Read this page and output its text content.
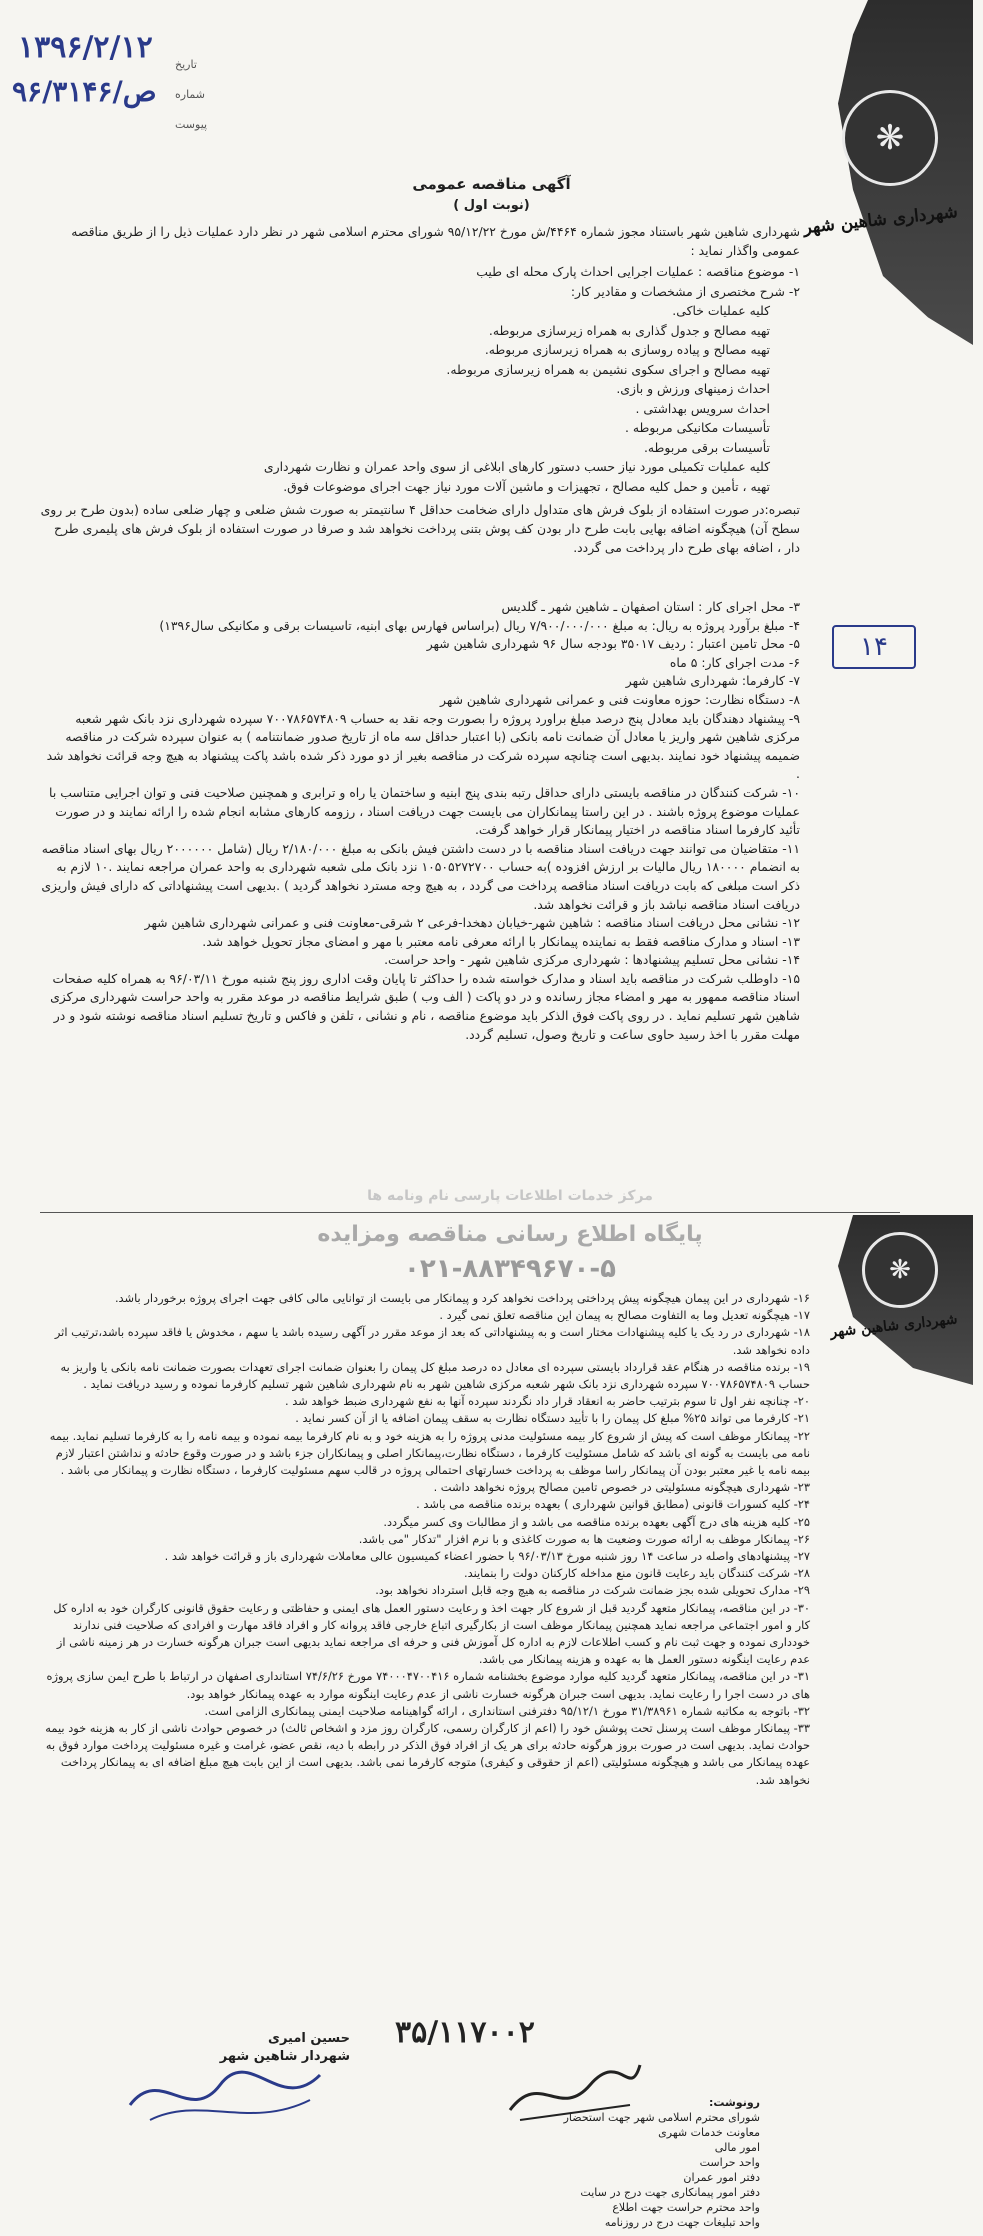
۱۳۹۶/۲/۱۲
ص/۹۶/۳۱۴۶
تاریخ
شماره
پیوست	❋
شهرداری شاهین شهر
آگهی مناقصه عمومی
( نوبت اول)

شهرداری شاهین شهر باستناد مجوز شماره ۴۴۶۴/ش مورخ ۹۵/۱۲/۲۲ شورای محترم اسلامی شهر در نظر دارد عملیات ذیل را از طریق مناقصه عمومی واگذار نماید :

۱- موضوع مناقصه : عملیات اجرایی احداث پارک محله ای طیب

۲- شرح مختصری از مشخصات و مقادیر کار:

کلیه عملیات خاکی.

تهیه مصالح و جدول گذاری به همراه زیرسازی مربوطه.

تهیه مصالح و پیاده روسازی به همراه زیرسازی مربوطه.

تهیه مصالح و اجرای سکوی نشیمن به همراه زیرسازی مربوطه.

احداث زمینهای ورزش و بازی.

احداث سرویس بهداشتی .

تأسیسات مکانیکی مربوطه .

تأسیسات برقی مربوطه.

کلیه عملیات تکمیلی مورد نیاز حسب دستور کارهای ابلاغی از سوی واحد عمران و نظارت شهرداری

تهیه ، تأمین و حمل کلیه مصالح ، تجهیزات و ماشین آلات مورد نیاز جهت اجرای موضوعات فوق.

تبصره:در صورت استفاده از بلوک فرش های متداول دارای ضخامت حداقل ۴ سانتیمتر به صورت شش ضلعی و چهار ضلعی ساده (بدون طرح بر روی سطح آن) هیچگونه اضافه بهایی بابت طرح دار بودن کف پوش بتنی پرداخت نخواهد شد و صرفا در صورت استفاده از بلوک فرش های پلیمری طرح دار ، اضافه بهای طرح دار پرداخت می گردد.

۱۴

۳- محل اجرای کار : استان اصفهان ـ شاهین شهر ـ گلدیس

۴- مبلغ برآورد پروژه به ریال: به مبلغ ۷/۹۰۰/۰۰۰/۰۰۰ ریال (براساس فهارس بهای ابنیه، تاسیسات برقی و مکانیکی سال۱۳۹۶)

۵- محل تامین اعتبار : ردیف ۳۵۰۱۷ بودجه سال ۹۶ شهرداری شاهین شهر

۶- مدت اجرای کار: ۵ ماه

۷- کارفرما: شهرداری شاهین شهر

۸- دستگاه نظارت: حوزه معاونت فنی و عمرانی شهرداری شاهین شهر

۹- پیشنهاد دهندگان باید معادل پنج درصد مبلغ براورد پروژه را بصورت وجه نقد به حساب ۷۰۰۷۸۶۵۷۴۸۰۹ سپرده شهرداری نزد بانک شهر شعبه مرکزی شاهین شهر واریز یا معادل آن ضمانت نامه بانکی (با اعتبار حداقل سه ماه از تاریخ صدور ضمانتنامه ) به عنوان سپرده شرکت در مناقصه ضمیمه پیشنهاد خود نمایند .بدیهی است چنانچه سپرده شرکت در مناقصه بغیر از دو مورد ذکر شده باشد پاکت پیشنهاد به هیچ وجه قرائت نخواهد شد .

۱۰- شرکت کنندگان در مناقصه بایستی دارای حداقل رتبه بندی پنج ابنیه و ساختمان یا راه و ترابری و همچنین صلاحیت فنی و توان اجرایی متناسب با عملیات موضوع پروژه باشند . در این راستا پیمانکاران می بایست جهت دریافت اسناد ، رزومه کارهای مشابه انجام شده را ارائه نمایند و در صورت تأئید کارفرما اسناد مناقصه در اختیار پیمانکار قرار خواهد گرفت.

۱۱- متقاضیان می توانند جهت دریافت اسناد مناقصه با در دست داشتن فیش بانکی به مبلغ ۲/۱۸۰/۰۰۰ ریال (شامل ۲۰۰۰۰۰۰ ریال بهای اسناد مناقصه به انضمام ۱۸۰۰۰۰ ریال مالیات بر ارزش افزوده )به حساب ۱۰۵۰۵۲۷۲۷۰۰ نزد بانک ملی شعبه شهرداری به واحد عمران مراجعه نمایند .۱۰ لازم به ذکر است مبلغی که بابت دریافت اسناد مناقصه پرداخت می گردد ، به هیچ وجه مسترد نخواهد گردید ) .بدیهی است پیشنهاداتی که دارای فیش واریزی دریافت اسناد مناقصه نباشد باز و قرائت نخواهد شد.

۱۲- نشانی محل دریافت اسناد مناقصه : شاهین شهر-خیابان دهخدا-فرعی ۲ شرقی-معاونت فنی و عمرانی شهرداری شاهین شهر

۱۳- اسناد و مدارک مناقصه فقط به نماینده پیمانکار با ارائه معرفی نامه معتبر با مهر و امضای مجاز تحویل خواهد شد.

۱۴- نشانی محل تسلیم پیشنهادها : شهرداری مرکزی شاهین شهر - واحد حراست.

۱۵- داوطلب شرکت در مناقصه باید اسناد و مدارک خواسته شده را حداکثر تا پایان وقت اداری روز پنج شنبه مورخ ۹۶/۰۳/۱۱ به همراه کلیه صفحات اسناد مناقصه ممهور به مهر و امضاء مجاز رسانده و در دو پاکت ( الف وب ) طبق شرایط مناقصه در موعد مقرر به واحد حراست شهرداری مرکزی شاهین شهر تسلیم نماید . در روی پاکت فوق الذکر باید موضوع مناقصه ، نام و نشانی ، تلفن و فاکس و تاریخ تسلیم اسناد مناقصه نوشته شود و در مهلت مقرر با اخذ رسید حاوی ساعت و تاریخ وصول، تسلیم گردد.

مرکز خدمات اطلاعات پارسی نام ونامه ها
پایگاه اطلاع رسانی مناقصه ومزایده
۰۲۱-۸۸۳۴۹۶۷۰-۵	❋
شهرداری شاهین شهر

۱۶- شهرداری در این پیمان هیچگونه پیش پرداختی پرداخت نخواهد کرد و پیمانکار می بایست از توانایی مالی کافی جهت اجرای پروژه برخوردار باشد.

۱۷- هیچگونه تعدیل وما به التفاوت مصالح به پیمان این مناقصه تعلق نمی گیرد .

۱۸- شهرداری در رد یک یا کلیه پیشنهادات مختار است و به پیشنهاداتی که بعد از موعد مقرر در آگهی رسیده باشد یا سهم ، مخدوش یا فاقد سپرده باشد،ترتیب اثر داده نخواهد شد.

۱۹- برنده مناقصه در هنگام عقد قرارداد بایستی سپرده ای معادل ده درصد مبلغ کل پیمان را بعنوان ضمانت اجرای تعهدات بصورت ضمانت نامه بانکی یا واریز به حساب ۷۰۰۷۸۶۵۷۴۸۰۹ سپرده شهرداری نزد بانک شهر شعبه مرکزی شاهین شهر به نام شهرداری شاهین شهر تسلیم کارفرما نموده و رسید دریافت نماید .

۲۰- چنانچه نفر اول تا سوم بترتیب حاضر به انعقاد قرار داد نگردند سپرده آنها به نفع شهرداری ضبط خواهد شد .

۲۱- کارفرما می تواند ۲۵% مبلغ کل پیمان را با تأیید دستگاه نظارت به سقف پیمان اضافه یا از آن کسر نماید .

۲۲- پیمانکار موظف است که پیش از شروع کار بیمه مسئولیت مدنی پروژه را به هزینه خود و به نام کارفرما بیمه نموده و بیمه نامه را به کارفرما تسلیم نماید. بیمه نامه می بایست به گونه ای باشد که شامل مسئولیت کارفرما ، دستگاه نظارت،پیمانکار اصلی و پیمانکاران جزء باشد و در صورت وقوع حادثه و نداشتن اعتبار لازم بیمه نامه یا غیر معتبر بودن آن پیمانکار راسا موظف به پرداخت خسارتهای احتمالی پروژه در قالب سهم مسئولیت کارفرما ، دستگاه نظارت و پیمانکار می باشد .

۲۳- شهرداری هیچگونه مسئولیتی در خصوص تامین مصالح پروژه نخواهد داشت .

۲۴- کلیه کسورات قانونی (مطابق قوانین شهرداری ) بعهده برنده مناقصه می باشد .

۲۵- کلیه هزینه های درج آگهی بعهده برنده مناقصه می باشد و از مطالبات وی کسر میگردد.

۲۶- پیمانکار موظف به ارائه صورت وضعیت ها به صورت کاغذی و با نرم افزار "تدکار "می باشد.

۲۷- پیشنهادهای واصله در ساعت ۱۴ روز شنبه مورخ ۹۶/۰۳/۱۳ با حضور اعضاء کمیسیون عالی معاملات شهرداری باز و قرائت خواهد شد .

۲۸- شرکت کنندگان باید رعایت قانون منع مداخله کارکنان دولت را بنمایند.

۲۹- مدارک تحویلی شده بجز ضمانت شرکت در مناقصه به هیچ وجه قابل استرداد نخواهد بود.

۳۰- در این مناقصه، پیمانکار متعهد گردید قبل از شروع کار جهت اخذ و رعایت دستور العمل های ایمنی و حفاظتی و رعایت حقوق قانونی کارگران خود به اداره کل کار و امور اجتماعی مراجعه نماید همچنین پیمانکار موظف است از بکارگیری اتباع خارجی فاقد پروانه کار و افراد فاقد مهارت و افرادی که صلاحیت فنی ندارند خودداری نموده و جهت ثبت نام و کسب اطلاعات لازم به اداره کل آموزش فنی و حرفه ای مراجعه نماید بدیهی است جبران هرگونه خسارت در هر زمینه ناشی از عدم رعایت اینگونه دستور العمل ها به عهده و هزینه پیمانکار می باشد.

۳۱- در این مناقصه، پیمانکار متعهد گردید کلیه موارد موضوع بخشنامه شماره ۷۴۰۰۰۴۷۰۰۴۱۶ مورخ ۷۴/۶/۲۶ استانداری اصفهان در ارتباط با طرح ایمن سازی پروژه های در دست اجرا را رعایت نماید. بدیهی است جبران هرگونه خسارت ناشی از عدم رعایت اینگونه موارد به عهده پیمانکار خواهد بود.

۳۲- باتوجه به مکاتبه شماره ۳۱/۳۸۹۶۱ مورخ ۹۵/۱۲/۱ دفترفنی استانداری ، ارائه گواهینامه صلاحیت ایمنی پیمانکاری الزامی است.

۳۳- پیمانکار موظف است پرسنل تحت پوشش خود را (اعم از کارگران رسمی، کارگران روز مزد و اشخاص ثالث) در خصوص حوادث ناشی از کار به هزینه خود بیمه حوادث نماید. بدیهی است در صورت بروز هرگونه حادثه برای هر یک از افراد فوق الذکر در رابطه با دیه، نقص عضو، غرامت و غیره مسئولیت پرداخت موارد فوق به عهده پیمانکار می باشد و هیچگونه مسئولیتی (اعم از حقوقی و کیفری) متوجه کارفرما نمی باشد. بدیهی است از این بابت هیچ مبلغ اضافه ای به پیمانکار پرداخت نخواهد شد.

۳۵/۱۱۷۰۰۲
حسین امیری
شهردار شاهین شهر
رونوشت:
شورای محترم اسلامی شهر جهت استحضار
معاونت خدمات شهری
امور مالی
واحد حراست
دفتر امور عمران
دفتر امور پیمانکاری جهت درج در سایت
واحد محترم حراست جهت اطلاع
واحد تبلیغات جهت درج در روزنامه
